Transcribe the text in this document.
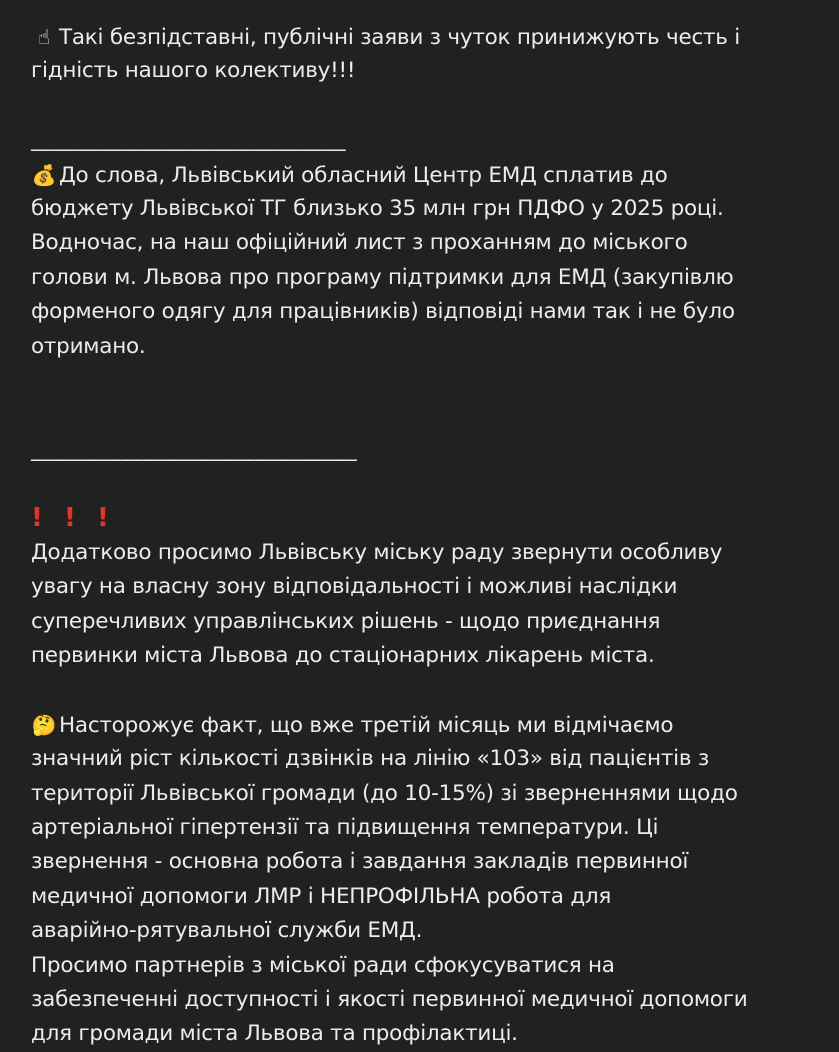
☝ Такі безпідставні, публічні заяви з чуток принижують честь і
гідність нашого колективу!!!
____________________________
💰 До слова, Львівський обласний Центр ЕМД сплатив до
бюджету Львівської ТГ близько 35 млн грн ПДФО у 2025 році.
Водночас, на наш офіційний лист з проханням до міського
голови м. Львова про програму підтримки для ЕМД (закупівлю
форменого одягу для працівників) відповіді нами так і не було
отримано.
_____________________________
! ! !
Додатково просимо Львівську міську раду звернути особливу
увагу на власну зону відповідальності і можливі наслідки
суперечливих управлінських рішень - щодо приєднання
первинки міста Львова до стаціонарних лікарень міста.
🤔 Насторожує факт, що вже третій місяць ми відмічаємо
значний ріст кількості дзвінків на лінію «103» від пацієнтів з
території Львівської громади (до 10-15%) зі зверненнями щодо
артеріальної гіпертензії та підвищення температури. Ці
звернення - основна робота і завдання закладів первинної
медичної допомоги ЛМР і НЕПРОФІЛЬНА робота для
аварійно-рятувальної служби ЕМД.
Просимо партнерів з міської ради сфокусуватися на
забезпеченні доступності і якості первинної медичної допомоги
для громади міста Львова та профілактиці.
